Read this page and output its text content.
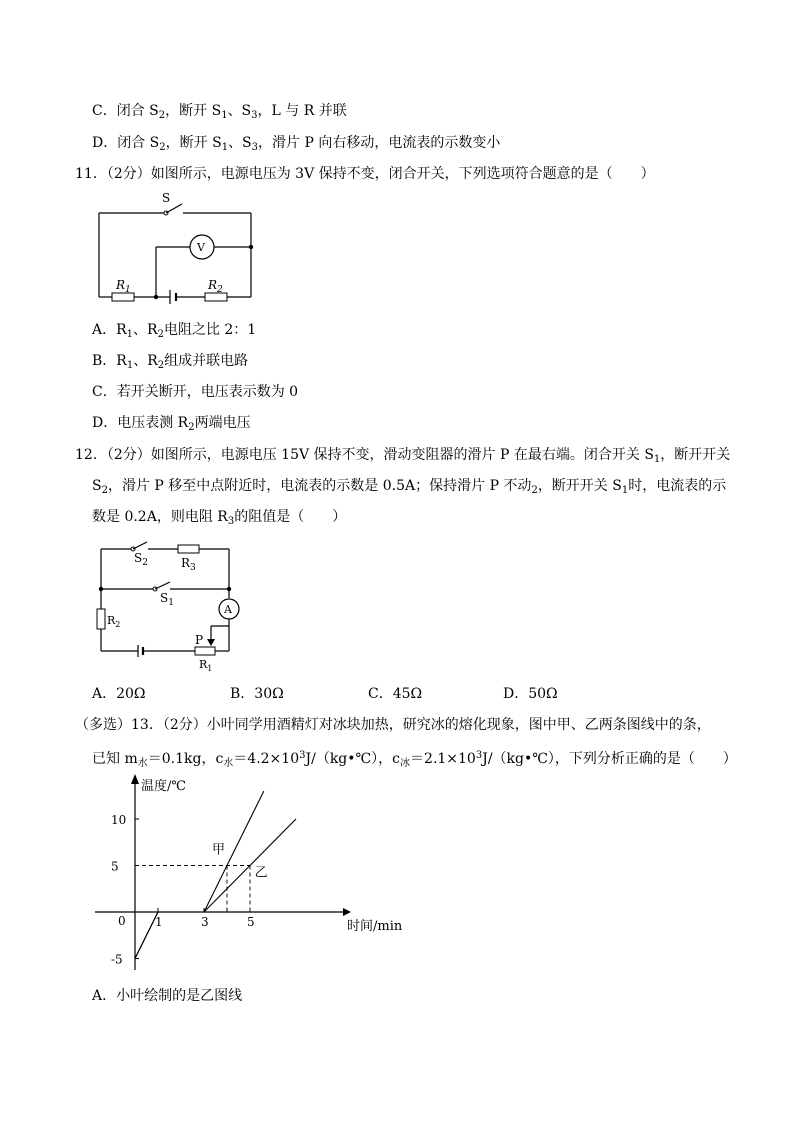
C．闭合 $S_2$，断开 $S_1$、$S_3$，L 与 R 并联
D．闭合 $S_2$，断开 $S_1$、$S_3$，滑片 P 向右移动，电流表的示数变小
11．（2分）如图所示，电源电压为 3V 保持不变，闭合开关，下列选项符合题意的是（　　）
S
V
$R_1$	$R_2$
A．$R_1$、$R_2$电阻之比 2：1
B．$R_1$、$R_2$组成并联电路
C．若开关断开，电压表示数为 0
D．电压表测 $R_2$两端电压
12．（2分）如图所示，电源电压 15V 保持不变，滑动变阻器的滑片 P 在最右端。闭合开关 $S_1$，断开开关
$S_2$，滑片 P 移至中点附近时，电流表的示数是 0.5A；保持滑片 P 不动$_2$，断开开关 $S_1$时，电流表的示
数是 0.2A，则电阻 $R_3$的阻值是（　　）
$S_2$	$R_3$
$S_1$	A
$R_2$
P
$R_1$
A．20Ω	B．30Ω	C．45Ω	D．50Ω
（多选）13．（2分）小叶同学用酒精灯对冰块加热，研究冰的熔化现象，图中甲、乙两条图线中的条，
已知 $m_水=0.1kg$，$c_水=4.2\times 10^3J/(kg•℃)$，$c_冰=2.1\times 10^3J/(kg•℃)$，下列分析正确的是（　　）
温度/℃
时间/min
10
5
0
-5
1	3	5
甲
乙
A．小叶绘制的是乙图线
